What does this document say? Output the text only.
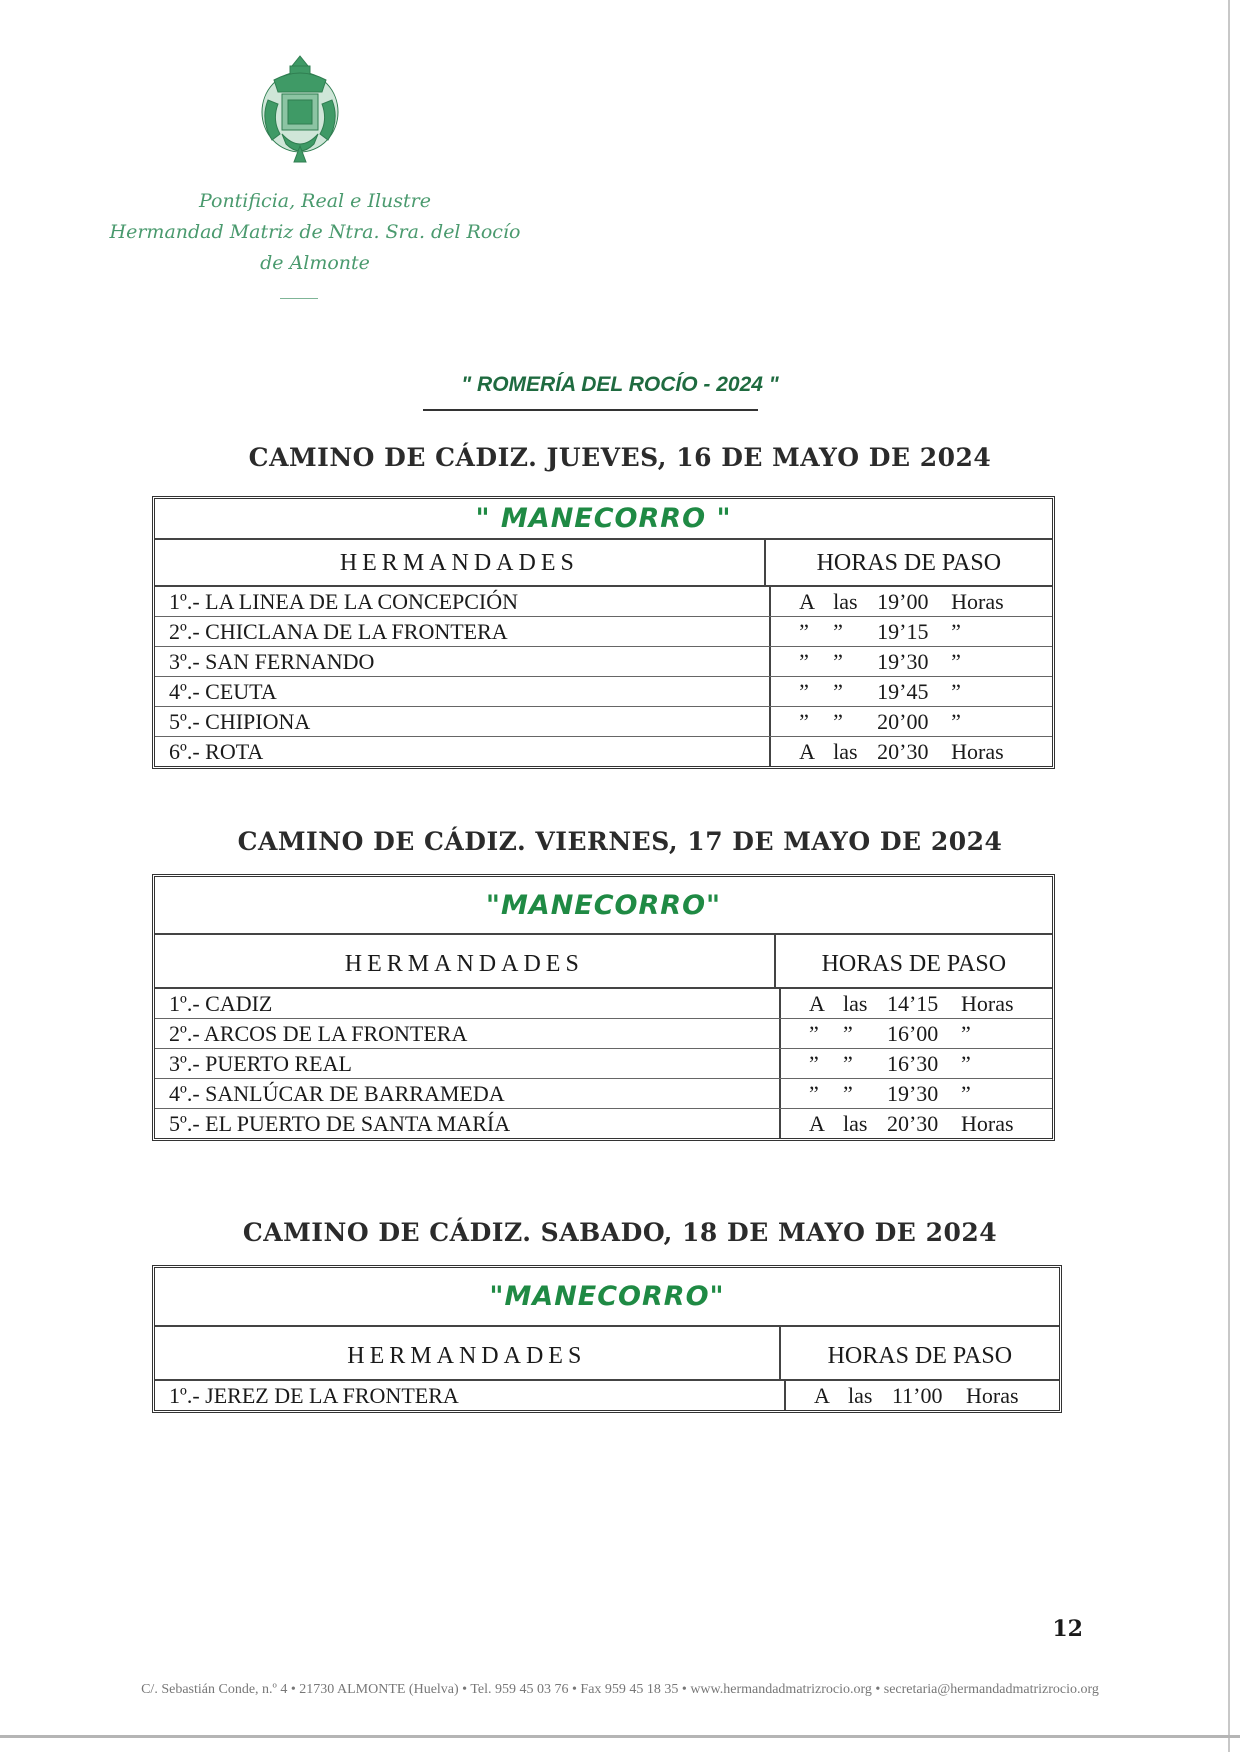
Pontificia, Real e Ilustre
Hermandad Matriz de Ntra. Sra. del Rocío
de Almonte
" ROMERÍA DEL ROCÍO - 2024 "
CAMINO DE CÁDIZ. JUEVES, 16 DE MAYO DE 2024
" MANECORRO "
HERMANDADES	HORAS DE PASO
1º.- LA LINEA DE LA CONCEPCIÓN	A las 19’00	Horas
2º.- CHICLANA DE LA FRONTERA	”	”	19’15	”
3º.- SAN FERNANDO	”	”	19’30	”
4º.- CEUTA	”	”	19’45	”
5º.- CHIPIONA	”	”	20’00	”
6º.- ROTA	A las 20’30	Horas
CAMINO DE CÁDIZ. VIERNES, 17 DE MAYO DE 2024
"MANECORRO"
HERMANDADES	HORAS DE PASO
1º.- CADIZ	A las 14’15	Horas
2º.- ARCOS DE LA FRONTERA	”	”	16’00	”
3º.- PUERTO REAL	”	”	16’30	”
4º.- SANLÚCAR DE BARRAMEDA	”	”	19’30	”
5º.- EL PUERTO DE SANTA MARÍA	A las 20’30	Horas
CAMINO DE CÁDIZ. SABADO, 18 DE MAYO DE 2024
"MANECORRO"
HERMANDADES	HORAS DE PASO
1º.- JEREZ DE LA FRONTERA	A las 11’00	Horas
12
C/. Sebastián Conde, n.º 4 • 21730 ALMONTE (Huelva) • Tel. 959 45 03 76 • Fax 959 45 18 35 • www.hermandadmatrizrocio.org • secretaria@hermandadmatrizrocio.org
